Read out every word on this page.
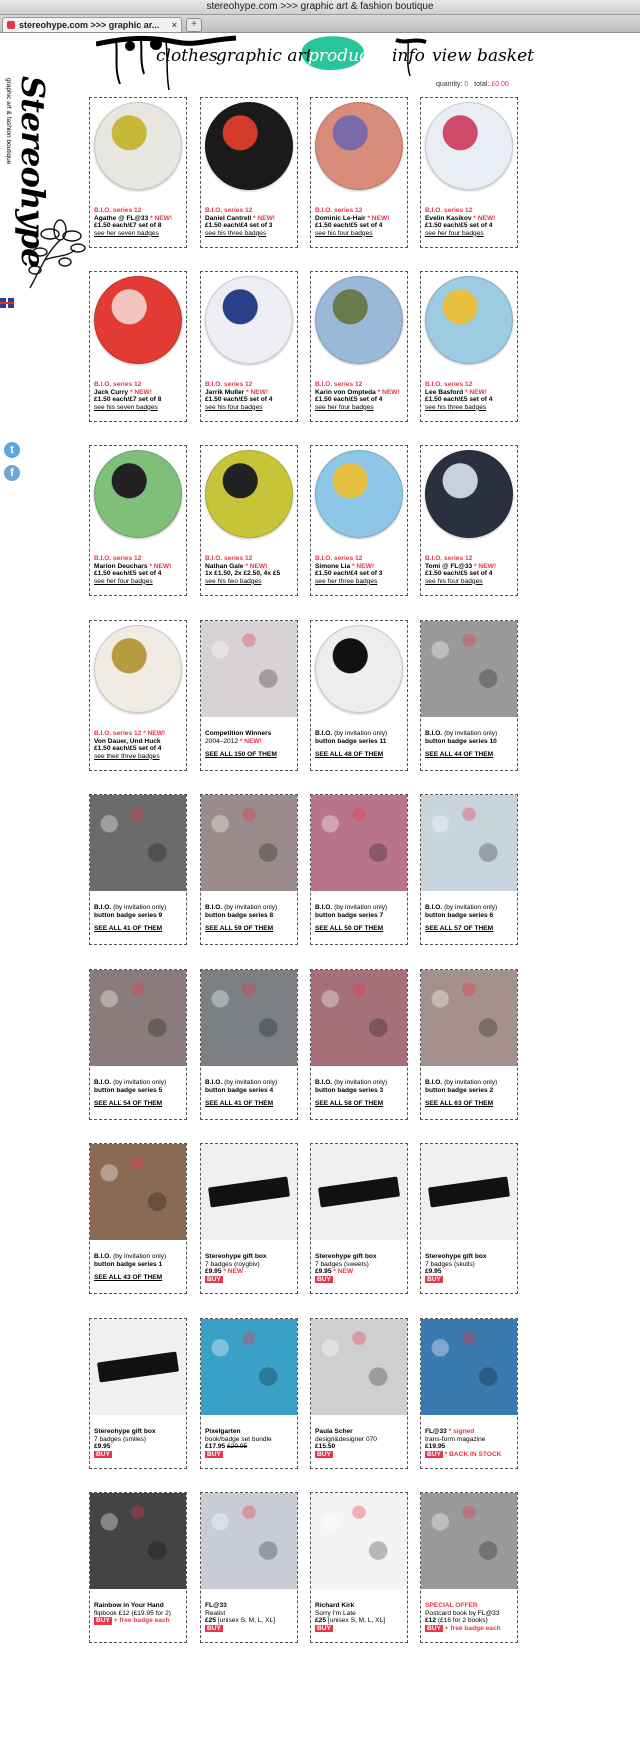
stereohype.com >>> graphic art & fashion boutique
stereohype.com >>> graphic ar... ×	+
graphic art & fashion boutique Stereohype
t
f
clothes
graphic art
products info view basket
quantity: 0 total: £0.00
B.I.O. series 12
Agathe @ FL@33 * NEW!
£1.50 each/£7 set of 8
see her seven badges
B.I.O. series 12
Daniel Cantrell * NEW!
£1.50 each/£4 set of 3
see his three badges
B.I.O. series 12
Dominic Le-Hair * NEW!
£1.50 each/£5 set of 4
see his four badges
B.I.O. series 12
Evelin Kasikov * NEW!
£1.50 each/£5 set of 4
see her four badges
B.I.O. series 12
Jack Curry * NEW!
£1.50 each/£7 set of 8
see his seven badges
B.I.O. series 12
Jarrik Muller * NEW!
£1.50 each/£5 set of 4
see his four badges
B.I.O. series 12
Karin von Ompteda * NEW!
£1.50 each/£5 set of 4
see her four badges
B.I.O. series 12
Lee Basford * NEW!
£1.50 each/£5 set of 4
see his three badges
B.I.O. series 12
Marion Deuchars * NEW!
£1.50 each/£5 set of 4
see her four badges
B.I.O. series 12
Nathan Gale * NEW!
1x £1.50, 2x £2.50, 4x £5
see his two badges
B.I.O. series 12
Simone Lia * NEW!
£1.50 each/£4 set of 3
see her three badges
B.I.O. series 12
Tomi @ FL@33 * NEW!
£1.50 each/£5 set of 4
see his four badges
B.I.O. series 12 * NEW!
Von Dauer, Und Huck
£1.50 each/£5 set of 4
see their three badges
Competition Winners
2004–2012 * NEW!
SEE ALL 150 OF THEM
B.I.O. (by invitation only)
button badge series 11
SEE ALL 48 OF THEM
B.I.O. (by invitation only)
button badge series 10
SEE ALL 44 OF THEM
B.I.O. (by invitation only)
button badge series 9
SEE ALL 41 OF THEM
B.I.O. (by invitation only)
button badge series 8
SEE ALL 59 OF THEM
B.I.O. (by invitation only)
button badge series 7
SEE ALL 50 OF THEM
B.I.O. (by invitation only)
button badge series 6
SEE ALL 57 OF THEM
B.I.O. (by invitation only)
button badge series 5
SEE ALL 54 OF THEM
B.I.O. (by invitation only)
button badge series 4
SEE ALL 41 OF THEM
B.I.O. (by invitation only)
button badge series 3
SEE ALL 58 OF THEM
B.I.O. (by invitation only)
button badge series 2
SEE ALL 63 OF THEM
B.I.O. (by invitation only)
button badge series 1
SEE ALL 43 OF THEM
Stereohype gift box
7 badges (roygbiv)
£9.95 * NEW
BUY
Stereohype gift box
7 badges (sweets)
£9.95 * NEW
BUY
Stereohype gift box
7 badges (skulls)
£9.95
BUY
Stereohype gift box
7 badges (smiles)
£9.95
BUY
Pixelgarten
book/badge set bundle
£17.95 £20.95
BUY
Paula Scher
design&designer 070
£15.50
BUY
FL@33 * signed
trans-form magazine
£19.95
BUY * BACK IN STOCK
Rainbow in Your Hand
flipbook £12 (£19.95 for 2)
BUY + free badge each
FL@33
Realist
£25 [unisex S, M, L, XL]
BUY
Richard Kirk
Sorry I'm Late
£25 [unisex S, M, L, XL]
BUY
SPECIAL OFFER
Postcard book by FL@33
£12 (£16 for 2 books)
BUY + free badge each
